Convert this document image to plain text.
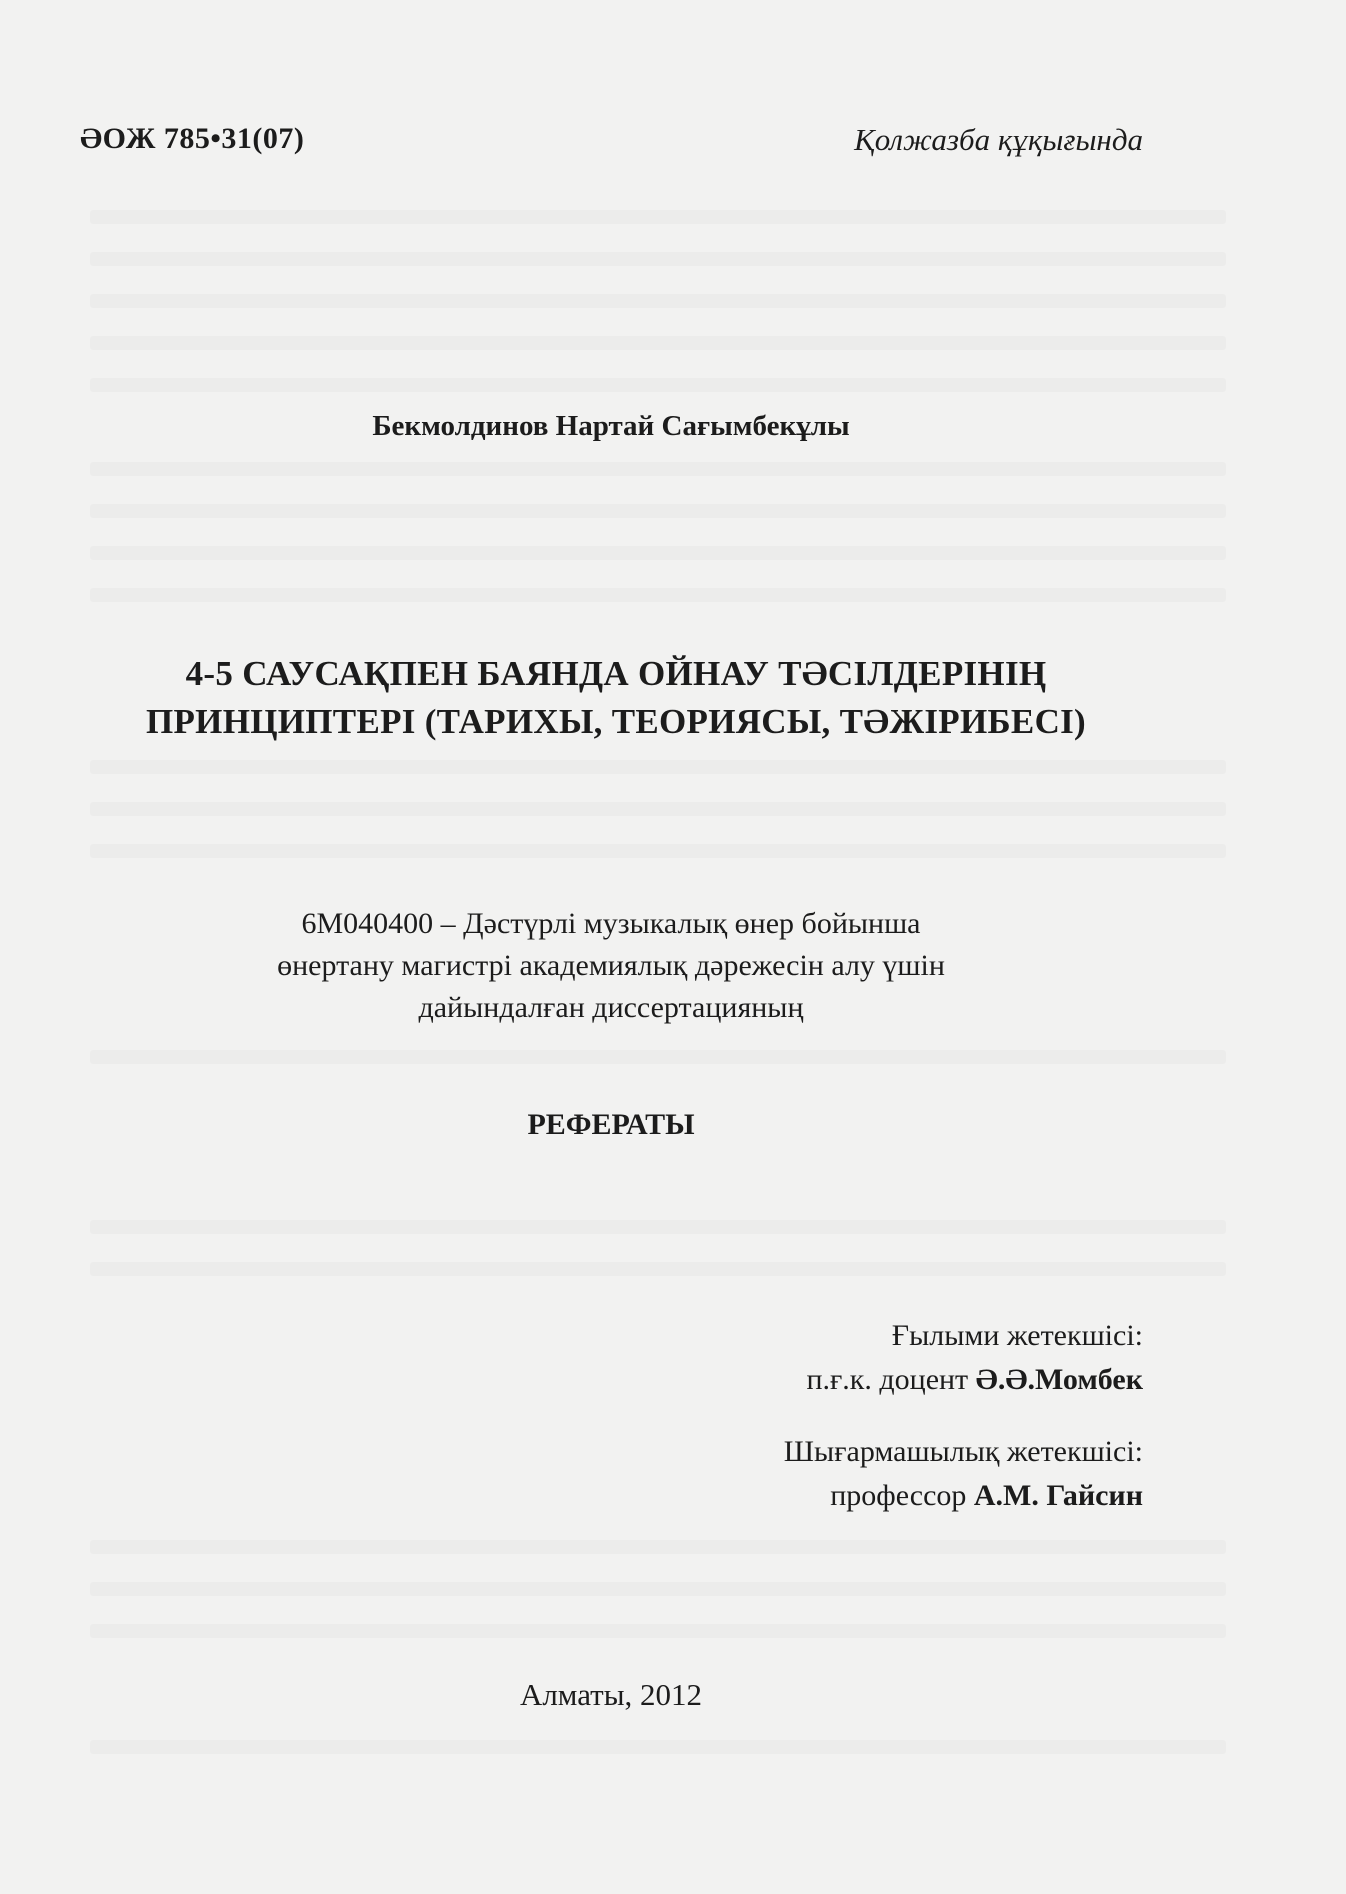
ӘОЖ 785•31(07)	Қолжазба құқығында
Бекмолдинов Нартай Сағымбекұлы
4-5 САУСАҚПЕН БАЯНДА ОЙНАУ ТӘСІЛДЕРІНІҢ
ПРИНЦИПТЕРІ (ТАРИХЫ, ТЕОРИЯСЫ, ТӘЖІРИБЕСІ)
6М040400 – Дәстүрлі музыкалық өнер бойынша
өнертану магистрі академиялық дәрежесін алу үшін
дайындалған диссертацияның
РЕФЕРАТЫ
Ғылыми жетекшісі:
п.ғ.к. доцент Ә.Ә.Момбек
Шығармашылық жетекшісі:
профессор А.М. Гайсин
Алматы, 2012
